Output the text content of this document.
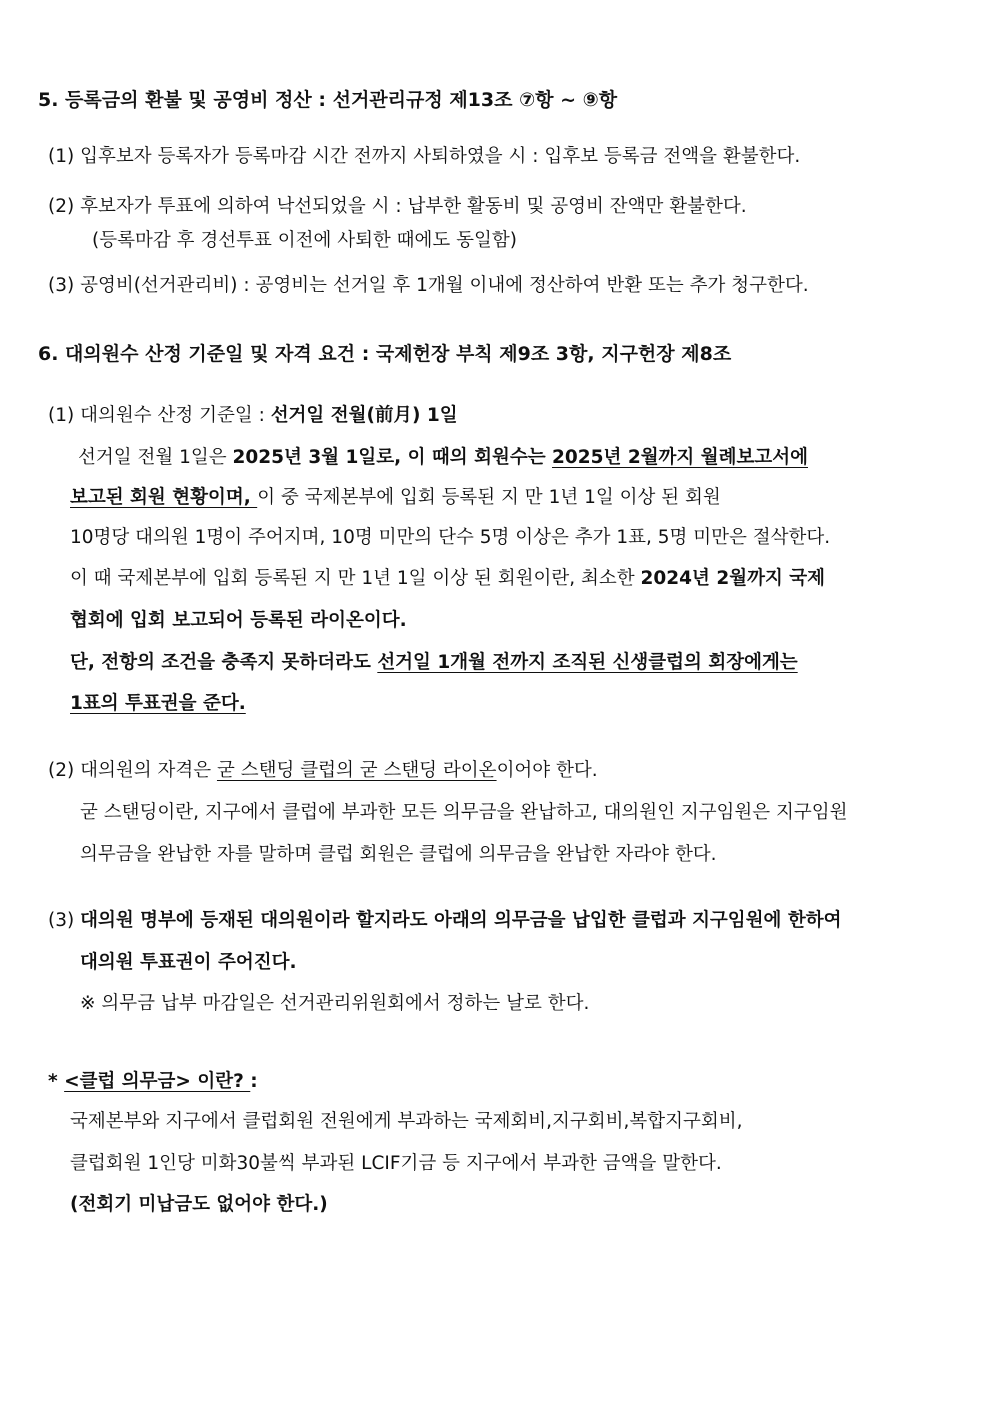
5. 등록금의 환불 및 공영비 정산 : 선거관리규정 제13조 ⑦항 ~ ⑨항
(1) 입후보자 등록자가 등록마감 시간 전까지 사퇴하였을 시 : 입후보 등록금 전액을 환불한다.
(2) 후보자가 투표에 의하여 낙선되었을 시 : 납부한 활동비 및 공영비 잔액만 환불한다.
(등록마감 후 경선투표 이전에 사퇴한 때에도 동일함)
(3) 공영비(선거관리비) : 공영비는 선거일 후 1개월 이내에 정산하여 반환 또는 추가 청구한다.
6. 대의원수 산정 기준일 및 자격 요건 : 국제헌장 부칙 제9조 3항, 지구헌장 제8조
(1) 대의원수 산정 기준일 : 선거일 전월(前月) 1일
선거일 전월 1일은 2025년 3월 1일로, 이 때의 회원수는 2025년 2월까지 월례보고서에
보고된 회원 현황이며, 이 중 국제본부에 입회 등록된 지 만 1년 1일 이상 된 회원
10명당 대의원 1명이 주어지며, 10명 미만의 단수 5명 이상은 추가 1표, 5명 미만은 절삭한다.
이 때 국제본부에 입회 등록된 지 만 1년 1일 이상 된 회원이란, 최소한 2024년 2월까지 국제
협회에 입회 보고되어 등록된 라이온이다.
단, 전항의 조건을 충족지 못하더라도 선거일 1개월 전까지 조직된 신생클럽의 회장에게는
1표의 투표권을 준다.
(2) 대의원의 자격은 굳 스탠딩 클럽의 굳 스탠딩 라이온이어야 한다.
굳 스탠딩이란, 지구에서 클럽에 부과한 모든 의무금을 완납하고, 대의원인 지구임원은 지구임원
의무금을 완납한 자를 말하며 클럽 회원은 클럽에 의무금을 완납한 자라야 한다.
(3) 대의원 명부에 등재된 대의원이라 할지라도 아래의 의무금을 납입한 클럽과 지구임원에 한하여
대의원 투표권이 주어진다.
※ 의무금 납부 마감일은 선거관리위원회에서 정하는 날로 한다.
* <클럽 의무금> 이란? :
국제본부와 지구에서 클럽회원 전원에게 부과하는 국제회비,지구회비,복합지구회비,
클럽회원 1인당 미화30불씩 부과된 LCIF기금 등 지구에서 부과한 금액을 말한다.
(전회기 미납금도 없어야 한다.)
